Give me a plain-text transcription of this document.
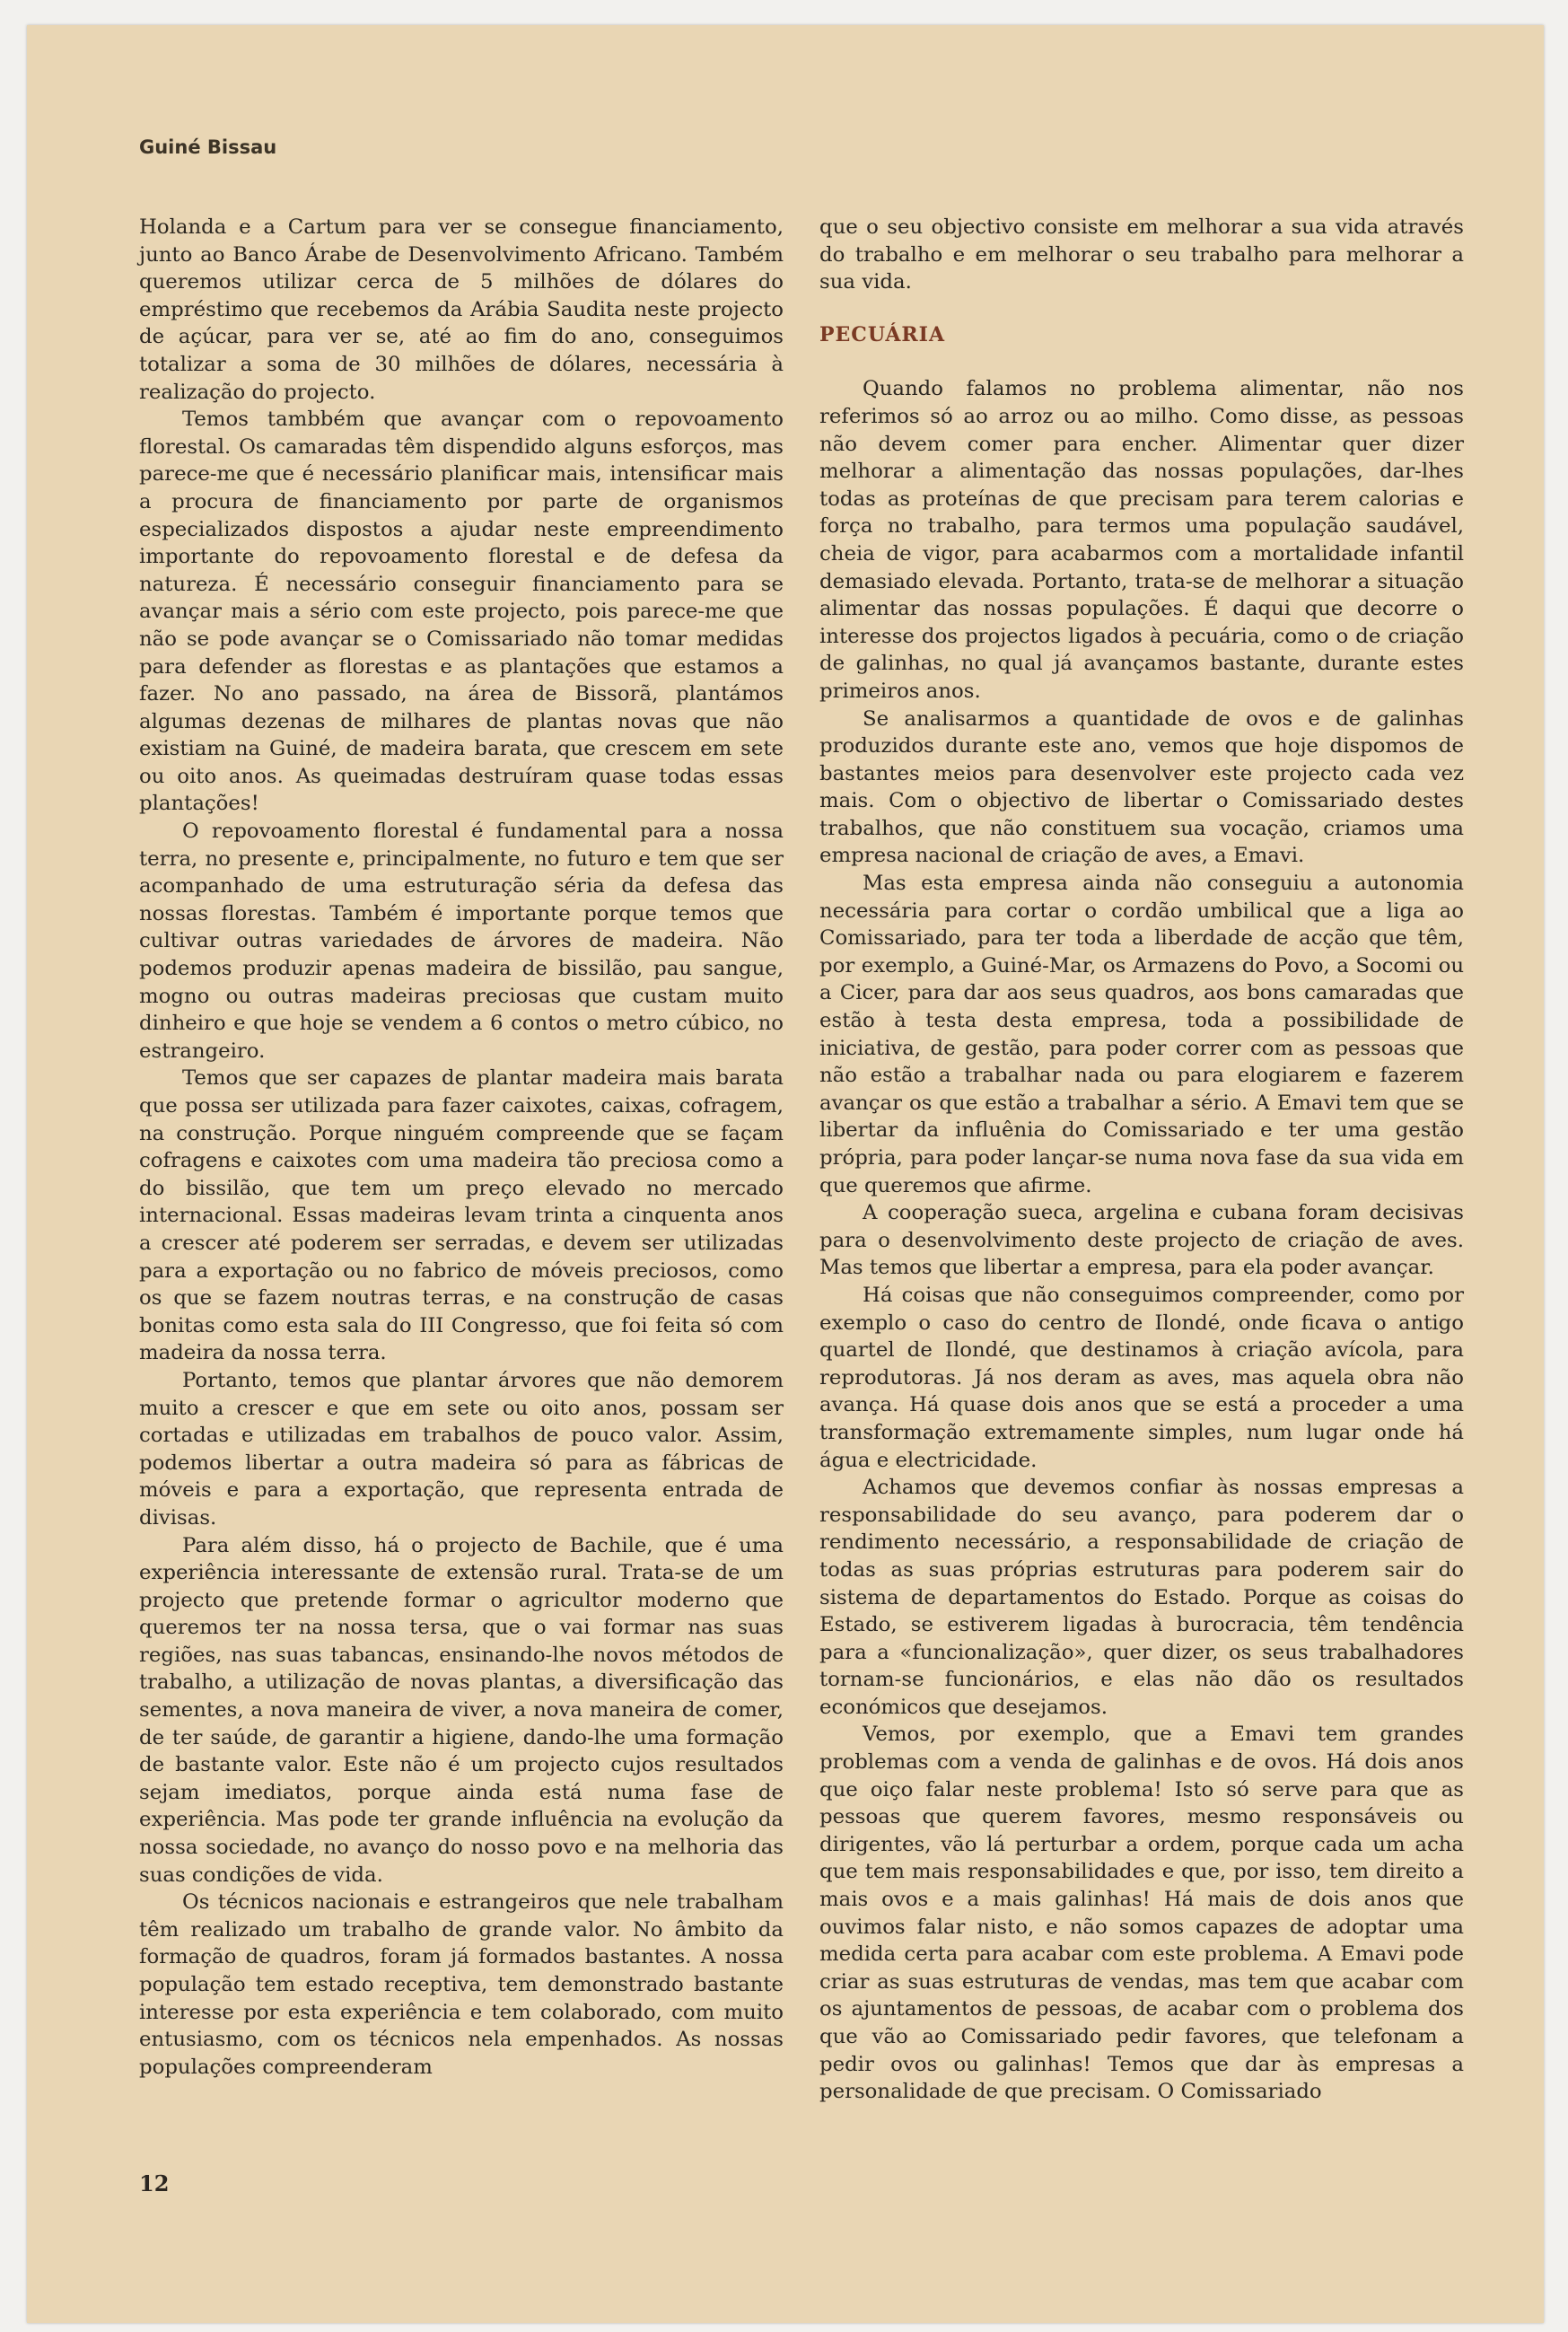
Guiné Bissau

Holanda e a Cartum para ver se consegue financiamento, junto ao Banco Árabe de Desenvolvimento Africano. Também queremos utilizar cerca de 5 milhões de dólares do empréstimo que recebemos da Arábia Saudita neste projecto de açúcar, para ver se, até ao fim do ano, conseguimos totalizar a soma de 30 milhões de dólares, necessária à realização do projecto.

Temos tambbém que avançar com o repovoamento florestal. Os camaradas têm dispendido alguns esforços, mas parece-me que é necessário planificar mais, intensificar mais a procura de financiamento por parte de organismos especializados dispostos a ajudar neste empreendimento importante do repovoamento florestal e de defesa da natureza. É necessário conseguir financiamento para se avançar mais a sério com este projecto, pois parece-me que não se pode avançar se o Comissariado não tomar medidas para defender as florestas e as plantações que estamos a fazer. No ano passado, na área de Bissorã, plantámos algumas dezenas de milhares de plantas novas que não existiam na Guiné, de madeira barata, que crescem em sete ou oito anos. As queimadas destruíram quase todas essas plantações!

O repovoamento florestal é fundamental para a nossa terra, no presente e, principalmente, no futuro e tem que ser acompanhado de uma estruturação séria da defesa das nossas florestas. Também é importante porque temos que cultivar outras variedades de árvores de madeira. Não podemos produzir apenas madeira de bissilão, pau sangue, mogno ou outras madeiras preciosas que custam muito dinheiro e que hoje se vendem a 6 contos o metro cúbico, no estrangeiro.

Temos que ser capazes de plantar madeira mais barata que possa ser utilizada para fazer caixotes, caixas, cofragem, na construção. Porque ninguém compreende que se façam cofragens e caixotes com uma madeira tão preciosa como a do bissilão, que tem um preço elevado no mercado internacional. Essas madeiras levam trinta a cinquenta anos a crescer até poderem ser serradas, e devem ser utilizadas para a exportação ou no fabrico de móveis preciosos, como os que se fazem noutras terras, e na construção de casas bonitas como esta sala do III Congresso, que foi feita só com madeira da nossa terra.

Portanto, temos que plantar árvores que não demorem muito a crescer e que em sete ou oito anos, possam ser cortadas e utilizadas em trabalhos de pouco valor. Assim, podemos libertar a outra madeira só para as fábricas de móveis e para a exportação, que representa entrada de divisas.

Para além disso, há o projecto de Bachile, que é uma experiência interessante de extensão rural. Trata-se de um projecto que pretende formar o agricultor moderno que queremos ter na nossa tersa, que o vai formar nas suas regiões, nas suas tabancas, ensinando-lhe novos métodos de trabalho, a utilização de novas plantas, a diversificação das sementes, a nova maneira de viver, a nova maneira de comer, de ter saúde, de garantir a higiene, dando-lhe uma formação de bastante valor. Este não é um projecto cujos resultados sejam imediatos, porque ainda está numa fase de experiência. Mas pode ter grande influência na evolução da nossa sociedade, no avanço do nosso povo e na melhoria das suas condições de vida.

Os técnicos nacionais e estrangeiros que nele trabalham têm realizado um trabalho de grande valor. No âmbito da formação de quadros, foram já formados bastantes. A nossa população tem estado receptiva, tem demonstrado bastante interesse por esta experiência e tem colaborado, com muito entusiasmo, com os técnicos nela empenhados. As nossas populações compreenderam

que o seu objectivo consiste em melhorar a sua vida através do trabalho e em melhorar o seu trabalho para melhorar a sua vida.

PECUÁRIA

Quando falamos no problema alimentar, não nos referimos só ao arroz ou ao milho. Como disse, as pessoas não devem comer para encher. Alimentar quer dizer melhorar a alimentação das nossas populações, dar-lhes todas as proteínas de que precisam para terem calorias e força no trabalho, para termos uma população saudável, cheia de vigor, para acabarmos com a mortalidade infantil demasiado elevada. Portanto, trata-se de melhorar a situação alimentar das nossas populações. É daqui que decorre o interesse dos projectos ligados à pecuária, como o de criação de galinhas, no qual já avançamos bastante, durante estes primeiros anos.

Se analisarmos a quantidade de ovos e de galinhas produzidos durante este ano, vemos que hoje dispomos de bastantes meios para desenvolver este projecto cada vez mais. Com o objectivo de libertar o Comissariado destes trabalhos, que não constituem sua vocação, criamos uma empresa nacional de criação de aves, a Emavi.

Mas esta empresa ainda não conseguiu a autonomia necessária para cortar o cordão umbilical que a liga ao Comissariado, para ter toda a liberdade de acção que têm, por exemplo, a Guiné-Mar, os Armazens do Povo, a Socomi ou a Cicer, para dar aos seus quadros, aos bons camaradas que estão à testa desta empresa, toda a possibilidade de iniciativa, de gestão, para poder correr com as pessoas que não estão a trabalhar nada ou para elogiarem e fazerem avançar os que estão a trabalhar a sério. A Emavi tem que se libertar da influênia do Comissariado e ter uma gestão própria, para poder lançar-se numa nova fase da sua vida em que queremos que afirme.

A cooperação sueca, argelina e cubana foram decisivas para o desenvolvimento deste projecto de criação de aves. Mas temos que libertar a empresa, para ela poder avançar.

Há coisas que não conseguimos compreender, como por exemplo o caso do centro de Ilondé, onde ficava o antigo quartel de Ilondé, que destinamos à criação avícola, para reprodutoras. Já nos deram as aves, mas aquela obra não avança. Há quase dois anos que se está a proceder a uma transformação extremamente simples, num lugar onde há água e electricidade.

Achamos que devemos confiar às nossas empresas a responsabilidade do seu avanço, para poderem dar o rendimento necessário, a responsabilidade de criação de todas as suas próprias estruturas para poderem sair do sistema de departamentos do Estado. Porque as coisas do Estado, se estiverem ligadas à burocracia, têm tendência para a «funcionalização», quer dizer, os seus trabalhadores tornam-se funcionários, e elas não dão os resultados económicos que desejamos.

Vemos, por exemplo, que a Emavi tem grandes problemas com a venda de galinhas e de ovos. Há dois anos que oiço falar neste problema! Isto só serve para que as pessoas que querem favores, mesmo responsáveis ou dirigentes, vão lá perturbar a ordem, porque cada um acha que tem mais responsabilidades e que, por isso, tem direito a mais ovos e a mais galinhas! Há mais de dois anos que ouvimos falar nisto, e não somos capazes de adoptar uma medida certa para acabar com este problema. A Emavi pode criar as suas estruturas de vendas, mas tem que acabar com os ajuntamentos de pessoas, de acabar com o problema dos que vão ao Comissariado pedir favores, que telefonam a pedir ovos ou galinhas! Temos que dar às empresas a personalidade de que precisam. O Comissariado

12
